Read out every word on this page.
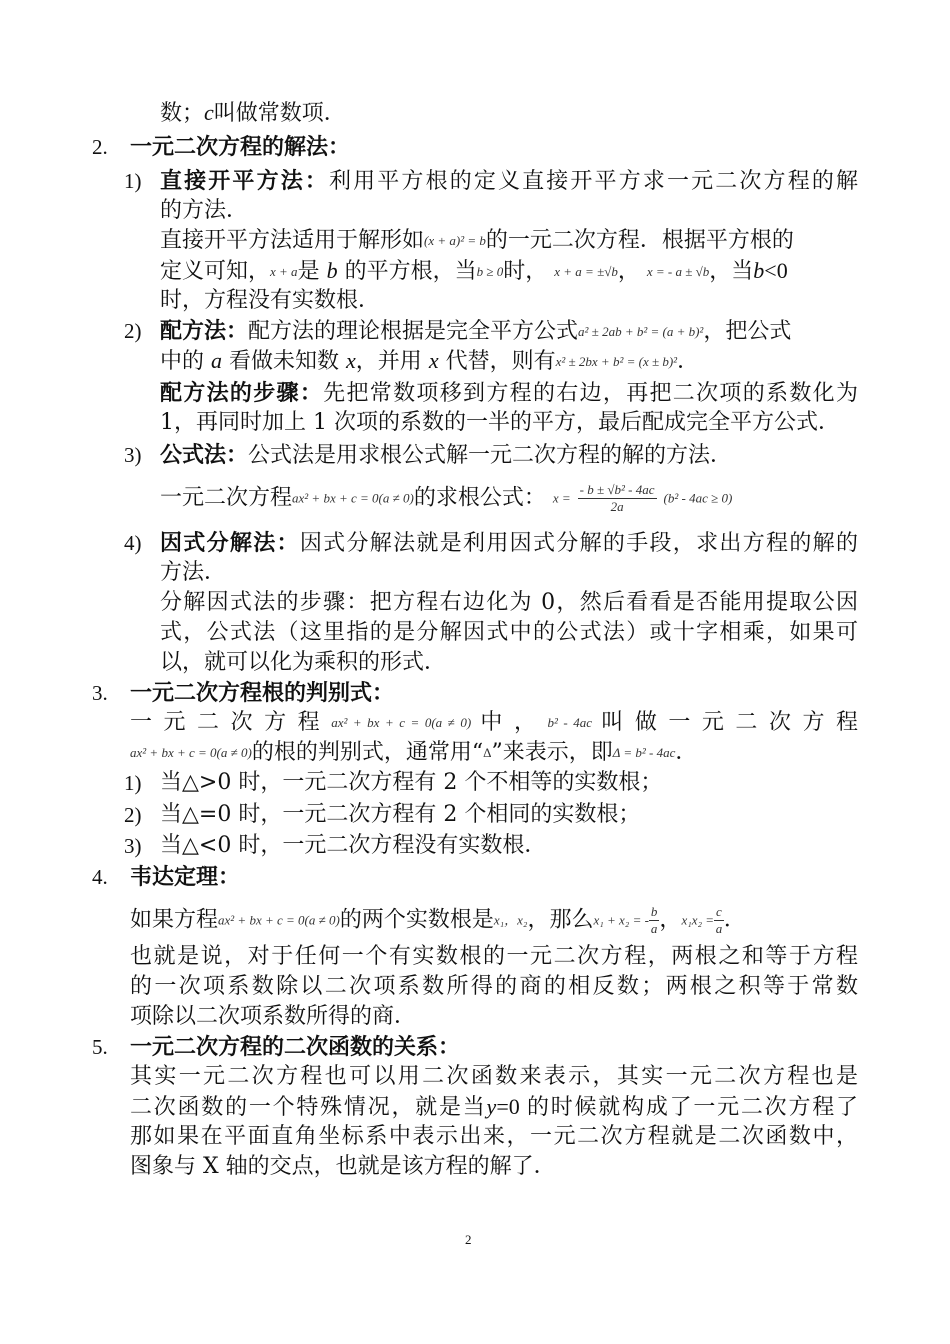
数；c叫做常数项．
2. 一元二次方程的解法：
1) 直接开平方法：利用平方根的定义直接开平方求一元二次方程的解
的方法．
直接开平方法适用于解形如(x + a)² = b的一元二次方程．根据平方根的
定义可知，x + a是 b 的平方根，当b ≥ 0时， x + a = ±√b， x = - a ± √b，当b<0
时，方程没有实数根．
2) 配方法：配方法的理论根据是完全平方公式a² ± 2ab + b² = (a + b)²，把公式
中的 a 看做未知数 x，并用 x 代替，则有x² ± 2bx + b² = (x ± b)²．
配方法的步骤：先把常数项移到方程的右边，再把二次项的系数化为
1，再同时加上 1 次项的系数的一半的平方，最后配成完全平方公式．
3) 公式法：公式法是用求根公式解一元二次方程的解的方法．
一元二次方程ax² + bx + c = 0(a ≠ 0)的求根公式： $x = \frac{\text{- b ± √b² - 4ac}}{2a} (b^2 - 4ac \ge 0)$
4) 因式分解法：因式分解法就是利用因式分解的手段，求出方程的解的
方法．
分解因式法的步骤：把方程右边化为 0，然后看看是否能用提取公因
式，公式法（这里指的是分解因式中的公式法）或十字相乘，如果可
以，就可以化为乘积的形式．
3. 一元二次方程根的判别式：
一 元 二 次 方 程 ax² + bx + c = 0(a ≠ 0) 中 ， b² - 4ac 叫 做 一 元 二 次 方 程
ax² + bx + c = 0(a ≠ 0)的根的判别式，通常用“Δ”来表示，即Δ = b² - 4ac．
1) 当△>0 时，一元二次方程有 2 个不相等的实数根；
2) 当△=0 时，一元二次方程有 2 个相同的实数根；
3) 当△<0 时，一元二次方程没有实数根．
4. 韦达定理：
如果方程ax² + bx + c = 0(a ≠ 0)的两个实数根是x₁，x₂，那么x₁ + x₂ = - $\frac{b}{a}$ ，$x_1x_2 = \frac{c}{a}$ ．
也就是说，对于任何一个有实数根的一元二次方程，两根之和等于方程
的一次项系数除以二次项系数所得的商的相反数；两根之积等于常数
项除以二次项系数所得的商．
5. 一元二次方程的二次函数的关系：
其实一元二次方程也可以用二次函数来表示，其实一元二次方程也是
二次函数的一个特殊情况，就是当y=0 的时候就构成了一元二次方程了
那如果在平面直角坐标系中表示出来，一元二次方程就是二次函数中，
图象与 X 轴的交点，也就是该方程的解了．
2
